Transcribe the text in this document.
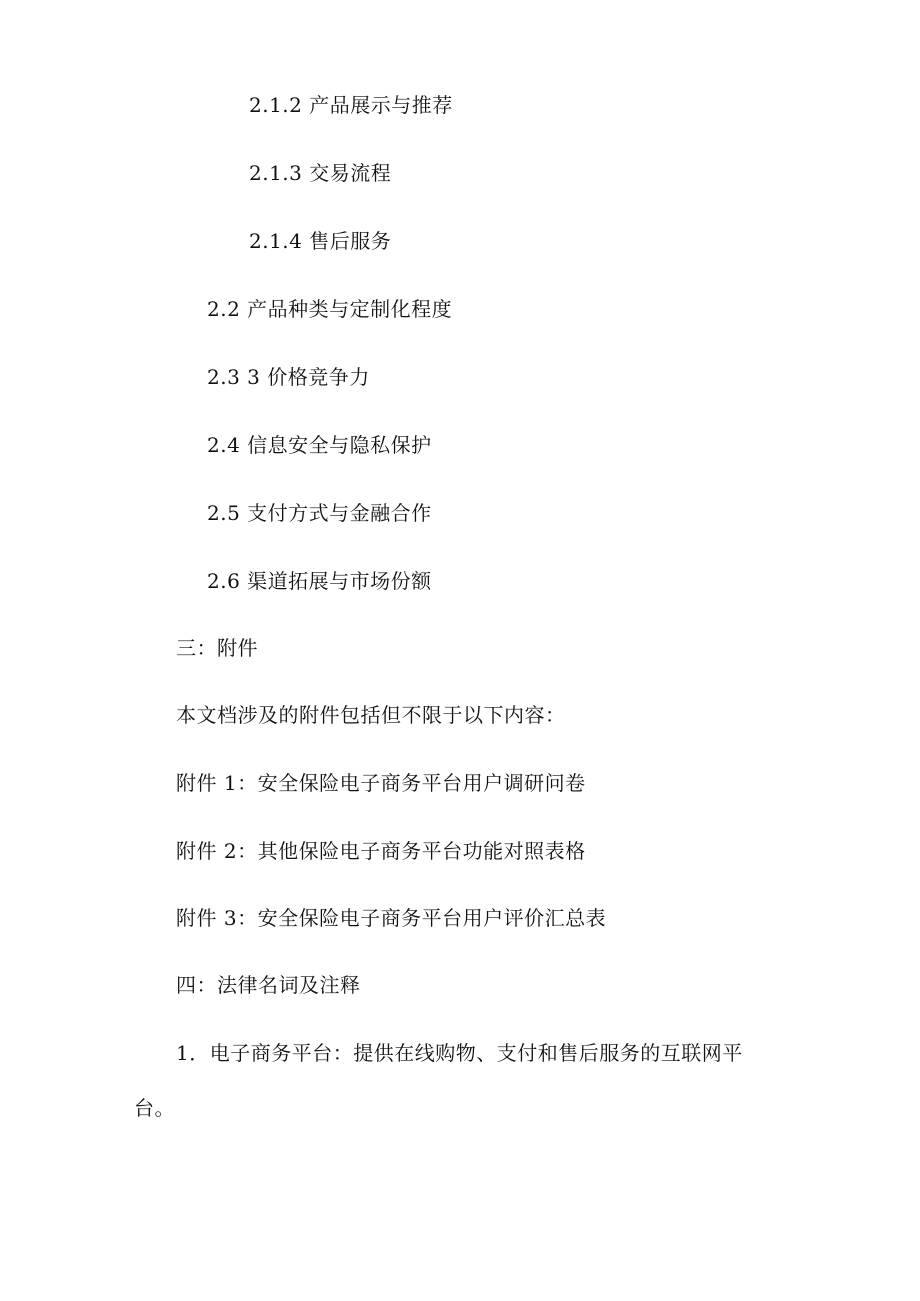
2.1.2 产品展示与推荐
2.1.3 交易流程
2.1.4 售后服务
2.2 产品种类与定制化程度
2.3 3 价格竞争力
2.4 信息安全与隐私保护
2.5 支付方式与金融合作
2.6 渠道拓展与市场份额
三：附件
本文档涉及的附件包括但不限于以下内容：
附件 1：安全保险电子商务平台用户调研问卷
附件 2：其他保险电子商务平台功能对照表格
附件 3：安全保险电子商务平台用户评价汇总表
四：法律名词及注释
1．电子商务平台：提供在线购物、支付和售后服务的互联网平
台。
